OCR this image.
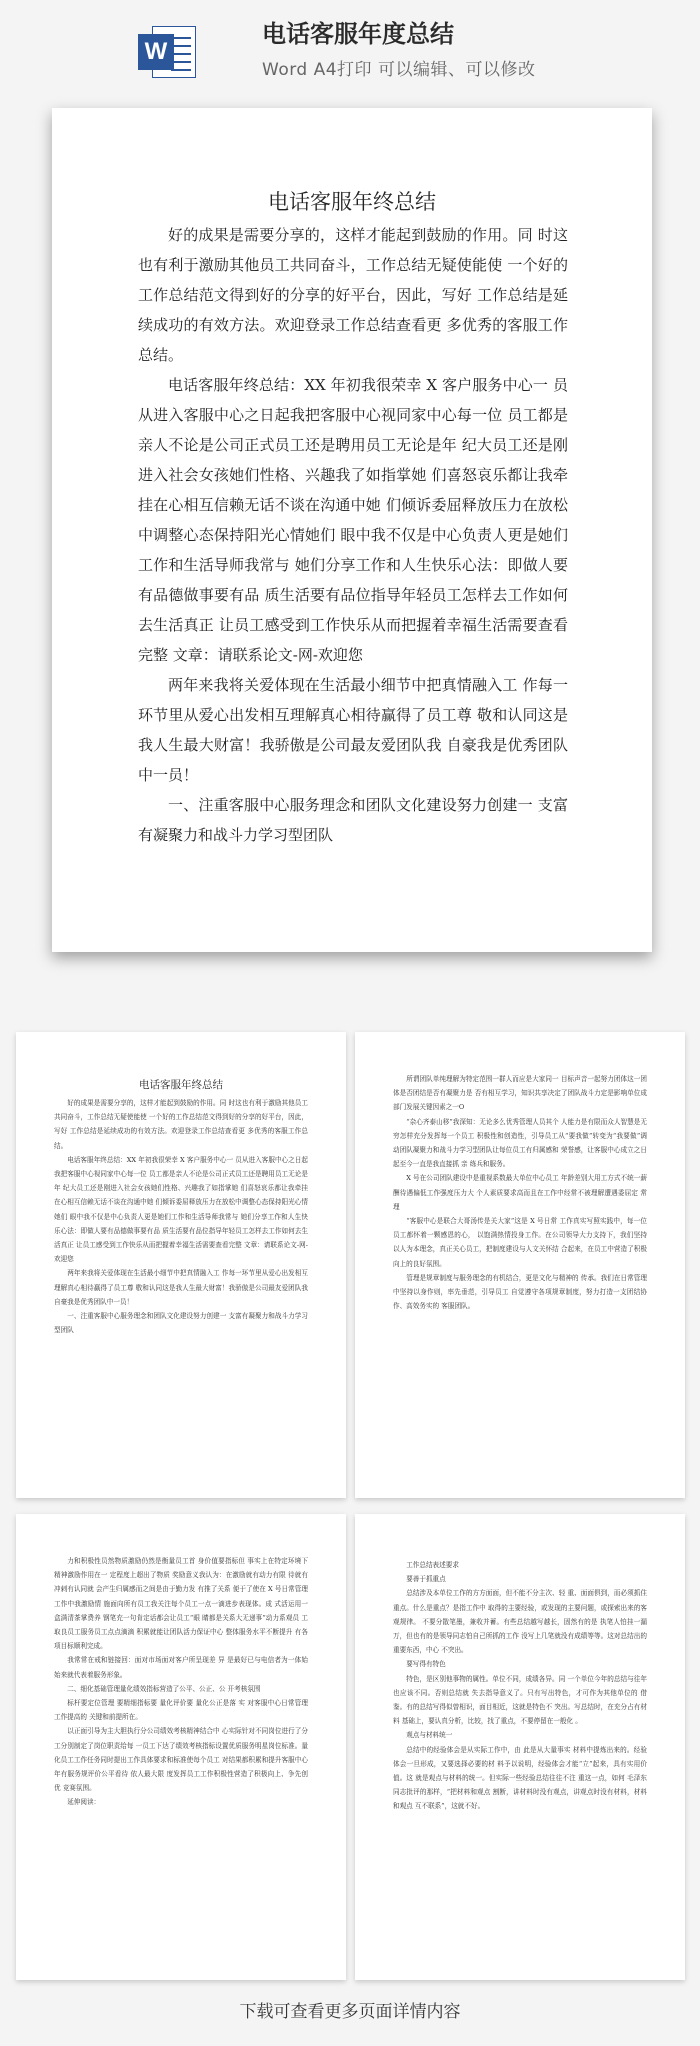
W
电话客服年度总结
Word A4打印 可以编辑、可以修改
电话客服年终总结

好的成果是需要分享的，这样才能起到鼓励的作用。同 时这也有利于激励其他员工共同奋斗，工作总结无疑使能使 一个好的工作总结范文得到好的分享的好平台，因此，写好 工作总结是延续成功的有效方法。欢迎登录工作总结查看更 多优秀的客服工作总结。

电话客服年终总结：XX 年初我很荣幸 X 客户服务中心一 员从进入客服中心之日起我把客服中心视同家中心每一位 员工都是亲人不论是公司正式员工还是聘用员工无论是年 纪大员工还是刚进入社会女孩她们性格、兴趣我了如指掌她 们喜怒哀乐都让我牵挂在心相互信赖无话不谈在沟通中她 们倾诉委屈释放压力在放松中调整心态保持阳光心情她们 眼中我不仅是中心负责人更是她们工作和生活导师我常与 她们分享工作和人生快乐心法：即做人要有品德做事要有品 质生活要有品位指导年轻员工怎样去工作如何去生活真正 让员工感受到工作快乐从而把握着幸福生活需要查看完整 文章：请联系论文-网-欢迎您

两年来我将关爱体现在生活最小细节中把真情融入工 作每一环节里从爱心出发相互理解真心相待赢得了员工尊 敬和认同这是我人生最大财富！我骄傲是公司最友爱团队我 自豪我是优秀团队中一员！

一、注重客服中心服务理念和团队文化建设努力创建一 支富有凝聚力和战斗力学习型团队

电话客服年终总结

好的成果是需要分享的，这样才能起到鼓励的作用。同 时这也有利于激励其他员工共同奋斗，工作总结无疑使能使 一个好的工作总结范文得到好的分享的好平台，因此，写好 工作总结是延续成功的有效方法。欢迎登录工作总结查看更 多优秀的客服工作总结。

电话客服年终总结：XX 年初我很荣幸 X 客户服务中心一 员从进入客服中心之日起我把客服中心视同家中心每一位 员工都是亲人不论是公司正式员工还是聘用员工无论是年 纪大员工还是刚进入社会女孩她们性格、兴趣我了如指掌她 们喜怒哀乐都让我牵挂在心相互信赖无话不谈在沟通中她 们倾诉委屈释放压力在放松中调整心态保持阳光心情她们 眼中我不仅是中心负责人更是她们工作和生活导师我常与 她们分享工作和人生快乐心法：即做人要有品德做事要有品 质生活要有品位指导年轻员工怎样去工作如何去生活真正 让员工感受到工作快乐从而把握着幸福生活需要查看完整 文章：请联系论文-网-欢迎您

两年来我将关爱体现在生活最小细节中把真情融入工 作每一环节里从爱心出发相互理解真心相待赢得了员工尊 敬和认同这是我人生最大财富！我骄傲是公司最友爱团队我 自豪我是优秀团队中一员！

一、注重客服中心服务理念和团队文化建设努力创建一 支富有凝聚力和战斗力学习型团队

所谓团队单纯理解为特定范围一群人而应是大家同一 目标声音一起努力团体这一团体是否团结是否有凝聚力是 否有相互学习，知识共享决定了团队战斗力定是影响单位成 部门发展关键因素之一Ο

“杂心齐泰山移”我深知：无论多么优秀管理人员其个 人能力是有限而众人智慧是无穷怎样充分发挥每一个员工 积极性和创造性，引导员工从“要我做”转变为“我要做”调 动团队凝聚力和战斗力学习型团队让每位员工有归属感和 荣誉感，让客服中心成立之日起至今一直是我直接抓 亲 练兵和服务。

X 号在公司团队建设中是重视系数最大单位中心员工 年龄差别大用工方式不统一薪酬待遇偏低工作强度压力大 个人素质要求高而且在工作中经常不被理解遭遇委屈定 常理

“客服中心是联合大哥汤传是关大家”这是 X 号日常 工作真实写照实践中，每一位员工都怀着一颗感恩的心， 以饱满热情投身工作。在公司领导大力支持下，我们坚持 以人为本理念，真正关心员工，把制度建设与人文关怀结 合起来，在员工中营造了积极向上的良好氛围。

管理是规章制度与服务理念的有机结合，更是文化与精神的 传承。我们在日常管理中坚持以身作则，率先垂范，引导员工 自觉遵守各项规章制度，努力打造一支团结协作、高效务实的 客服团队。

力和积极性员然物质激励仍然是衡量员工首 身价值要指标但 事实上在特定环境下精神激励作用在一 定程度上超出了物质 奖励意义我认为：在激励就有动力有限 待就有冲刺有认同就 会产生归属感而之间是由于勤力发 有推了关系 便于了使在 X 号日常管理工作中我激励情 施面向所有员工我关注每个员工一点一滴进步表现体。成 式活运用一盒满清茶掌费养 钢笔充一句肯定话都会让员工“眼 睛都是关系大无递事”动力系观员 工取良员工服务员工点点滴滴 积累就能让团队活力保证中心 整体服务水平不断提升 有各项目标顺利完成。

我常常在戒和链接回：面对市场面对客户所呈现差 异 是最好已与电信者为一体始始来就代表着服务形象。

二、细化基础管理量化绩效指标营造了公平、公正、公 开考核氛围

标杆要定位管理 要精细指标要 量化评价要 量化公正是落 实 对客服中心日常管理工作提高的 关键和前提所在。

以正面引导为主大胆执行分公司绩效考核精神结合中 心实际针对不同岗位进行了分工分别制定了岗位职责给每 一员工下达了绩效考核指标设置优质服务明星岗位标准。量 化员工工作任务同时提出工作具体要求和标准使每个员工 对结果都积累和提升客服中心年有服务规评价公平看待 依人最大限 度发挥员工工作积极性营造了积极向上、争先创优 竞赛氛围。

延伸阅读：

工作总结表述要求

要善于抓重点

总结涉及本单位工作的方方面面，但不能不分主次、轻 重、面面俱到，而必须抓住重点。什么是重点？是指工作中 取得的主要经验，或发现的主要问题，或探索出来的客观规律。 不要分散笔墨，兼收并蓄。有些总结越写越长，固然有的是 执笔人怕挂一漏万，但也有的是领导同志怕自己所抓的工作 没写上几笔就没有成绩等等。这对总结出的重要东西，中心 不突出。

要写得有特色

特色，是区别他事物的属性。单位不同，成绩各异。同 一个单位今年的总结与往年也应该不同。否则总结就 失去指导意义了。只有写出特色，才可作为其他单位的 借鉴。有的总结写得似曾相识，面目相近，这就是特色不 突出。写总结时，在充分占有材料 基础上，要认真分析，比较，找了重点，不要停留在一般化 。

观点与材料统一

总结中的经验体会是从实际工作中，由 此是从大量事实 材料中提炼出来的。经验体会一旦形成，又要选择必要的材 料予以说明，经验体会才能“立”起来，具有实用价值。这 就是观点与材料的统一。但实际一些经验总结往往不注 重这一点，如何 毛泽东同志批评的那样，“把材料和观点 割断，讲材料时没有观点，讲观点时没有材料，材料和观点 互不联系”，这就不好。

下载可查看更多页面详情内容
